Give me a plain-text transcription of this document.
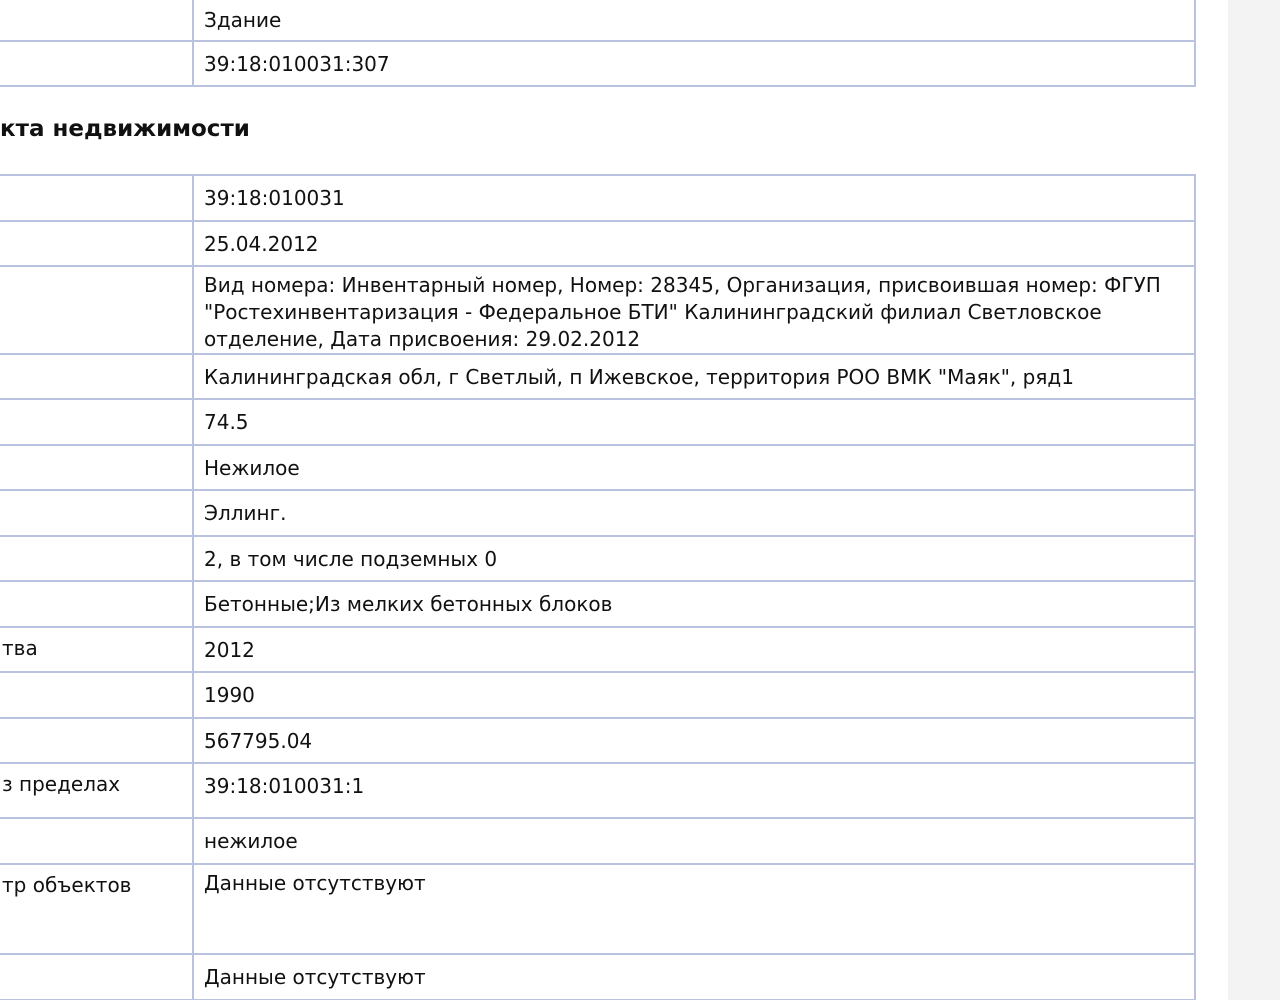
	Здание

	39:18:010031:307
кта недвижимости

	39:18:010031

	25.04.2012

	Вид номера: Инвентарный номер, Номер: 28345, Организация, присвоившая номер: ФГУП "Ростехинвентаризация - Федеральное БТИ" Калининградский филиал Светловское отделение, Дата присвоения: 29.02.2012

	Калининградская обл, г Светлый, п Ижевское, территория РОО ВМК "Маяк", ряд1

	74.5

	Нежилое

	Эллинг.

	2, в том числе подземных 0

	Бетонные;Из мелких бетонных блоков

тва	2012

	1990

	567795.04

з пределах	39:18:010031:1

	нежилое

тр объектов	Данные отсутствуют

	Данные отсутствуют
